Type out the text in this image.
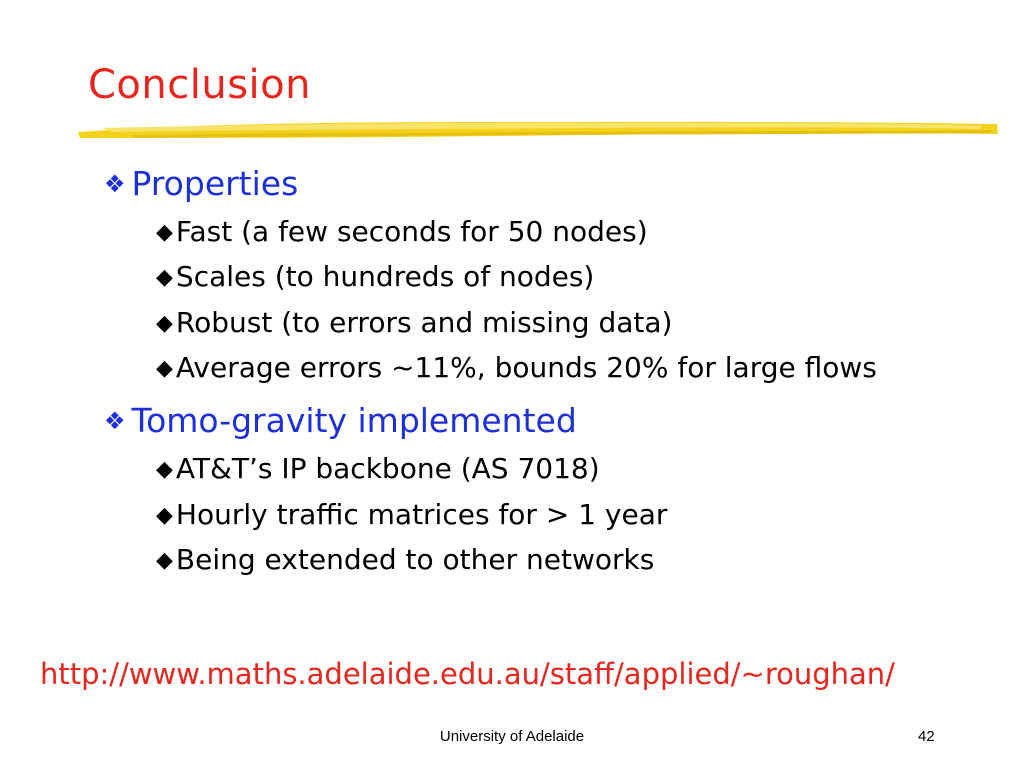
Conclusion
❖ Properties
◆ Fast (a few seconds for 50 nodes)
◆ Scales (to hundreds of nodes)
◆ Robust (to errors and missing data)
◆ Average errors ~11%, bounds 20% for large flows
❖ Tomo-gravity implemented
◆ AT&T’s IP backbone (AS 7018)
◆ Hourly traffic matrices for > 1 year
◆ Being extended to other networks
http://www.maths.adelaide.edu.au/staff/applied/~roughan/
University of Adelaide	42
